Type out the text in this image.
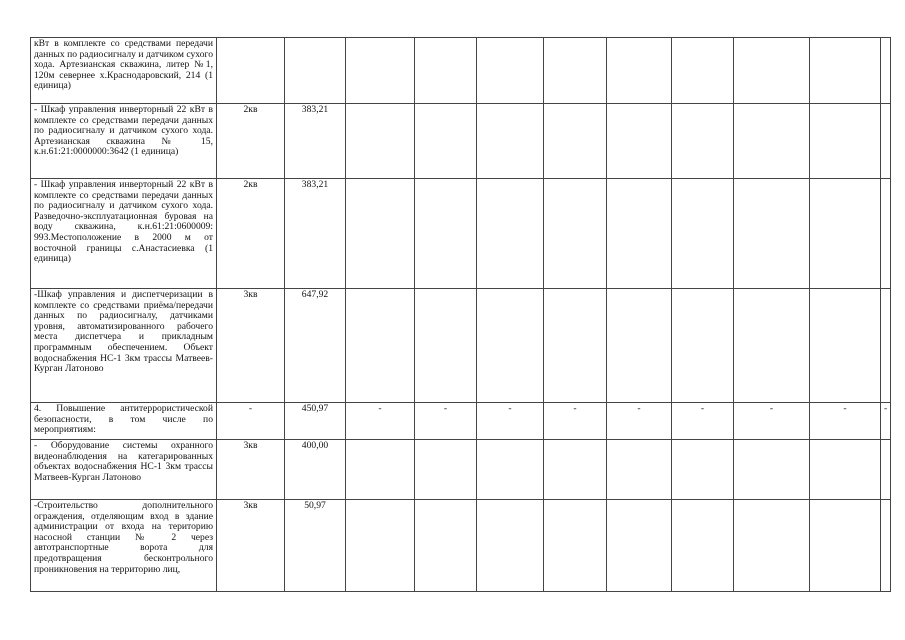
кВт в комплекте со средствами передачи данных по радиосигналу и датчиком сухого хода. Артезианская скважина, литер №1, 120м севернее х.Краснодаровский, 214 (1 единица)											
- Шкаф управления инверторный 22 кВт в комплекте со средствами передачи данных по радиосигналу и датчиком сухого хода. Артезианская скважина № 15, к.н.61:21:0000000:3642 (1 единица)	2кв	383,21									
- Шкаф управления инверторный 22 кВт в комплекте со средствами передачи данных по радиосигналу и датчиком сухого хода. Разведочно-эксплуатационная буровая на воду скважина, к.н.61:21:0600009: 993.Местоположение в 2000 м от восточной границы с.Анастасиевка (1 единица)	2кв	383,21									
-Шкаф управления и диспетчеризации в комплекте со средствами приёма/передачи данных по радиосигналу, датчиками уровня, автоматизированного рабочего места диспетчера и прикладным программным обеспечением. Объект водоснабжения НС-1 3км трассы Матвеев-Курган Латоново	3кв	647,92									
4. Повышение антитеррористической безопасности, в том числе по мероприятиям:	-	450,97	-	-	-	-	-	-	-	-	-
- Оборудование системы охранного видеонаблюдения на категарированных объектах водоснабжения НС-1 3км трассы Матвеев-Курган Латоново	3кв	400,00									
-Строительство дополнительного ограждения, отделяющим вход в здание администрации от входа на територию насосной станции № 2 через автотранспортные ворота для предотвращения бесконтрольного проникновения на территорию лиц,	3кв	50,97									
